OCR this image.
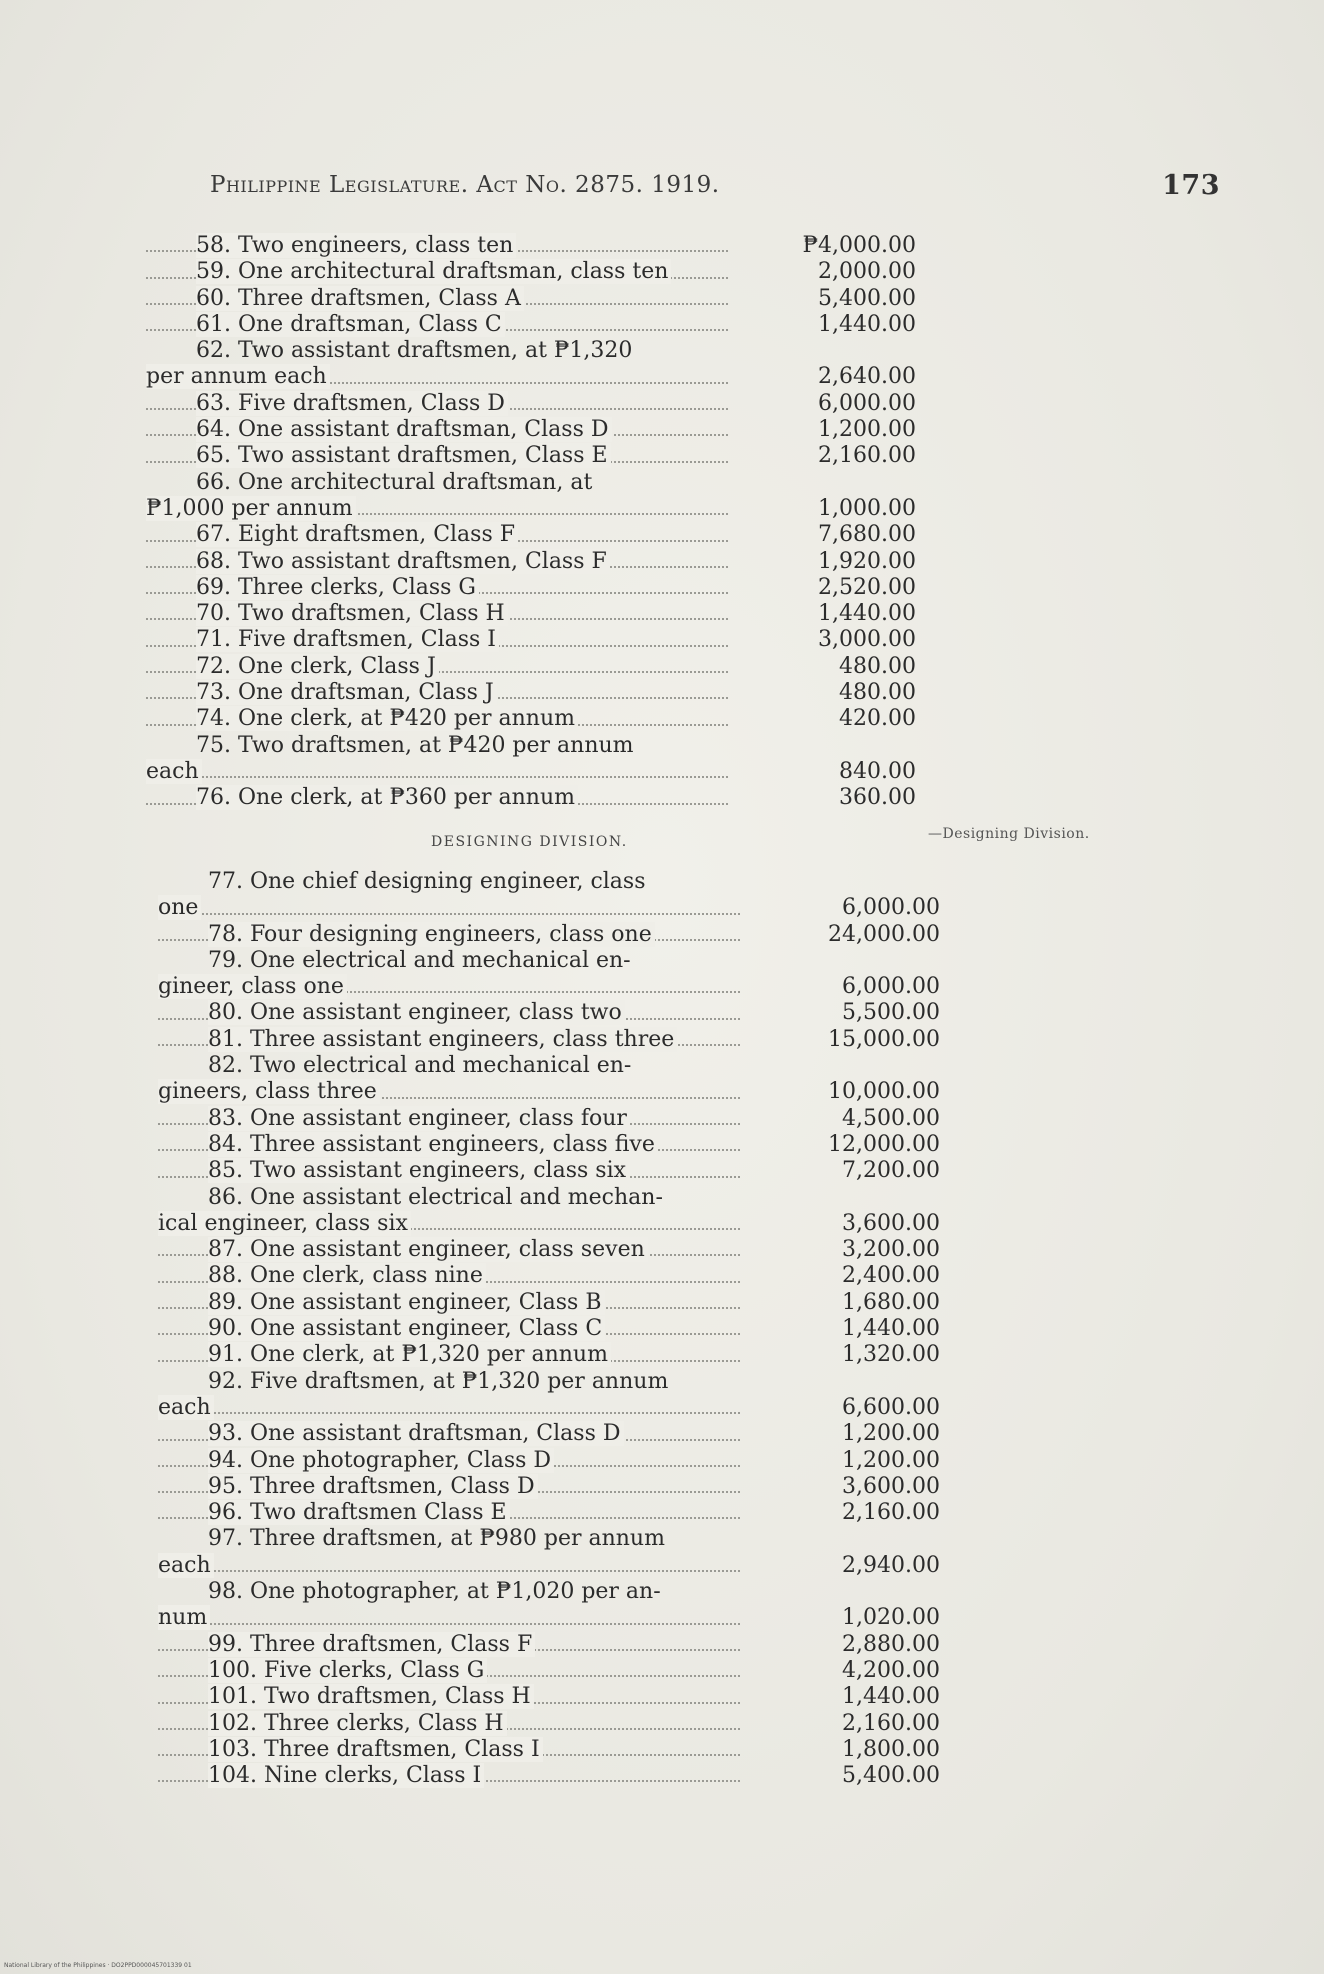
Philippine Legislature. Act No. 2875. 1919.	173
58. Two engineers, class ten	₱4,000.00
59. One architectural draftsman, class ten	2,000.00
60. Three draftsmen, Class A	5,400.00
61. One draftsman, Class C	1,440.00
62. Two assistant draftsmen, at ₱1,320
per annum each	2,640.00
63. Five draftsmen, Class D	6,000.00
64. One assistant draftsman, Class D	1,200.00
65. Two assistant draftsmen, Class E	2,160.00
66. One architectural draftsman, at
₱1,000 per annum	1,000.00
67. Eight draftsmen, Class F	7,680.00
68. Two assistant draftsmen, Class F	1,920.00
69. Three clerks, Class G	2,520.00
70. Two draftsmen, Class H	1,440.00
71. Five draftsmen, Class I	3,000.00
72. One clerk, Class J	480.00
73. One draftsman, Class J	480.00
74. One clerk, at ₱420 per annum	420.00
75. Two draftsmen, at ₱420 per annum
each	840.00
76. One clerk, at ₱360 per annum	360.00
DESIGNING DIVISION.	—Designing Division.
77. One chief designing engineer, class
one	6,000.00
78. Four designing engineers, class one	24,000.00
79. One electrical and mechanical en-
gineer, class one	6,000.00
80. One assistant engineer, class two	5,500.00
81. Three assistant engineers, class three	15,000.00
82. Two electrical and mechanical en-
gineers, class three	10,000.00
83. One assistant engineer, class four	4,500.00
84. Three assistant engineers, class five	12,000.00
85. Two assistant engineers, class six	7,200.00
86. One assistant electrical and mechan-
ical engineer, class six	3,600.00
87. One assistant engineer, class seven	3,200.00
88. One clerk, class nine	2,400.00
89. One assistant engineer, Class B	1,680.00
90. One assistant engineer, Class C	1,440.00
91. One clerk, at ₱1,320 per annum	1,320.00
92. Five draftsmen, at ₱1,320 per annum
each	6,600.00
93. One assistant draftsman, Class D	1,200.00
94. One photographer, Class D	1,200.00
95. Three draftsmen, Class D	3,600.00
96. Two draftsmen Class E	2,160.00
97. Three draftsmen, at ₱980 per annum
each	2,940.00
98. One photographer, at ₱1,020 per an-
num	1,020.00
99. Three draftsmen, Class F	2,880.00
100. Five clerks, Class G	4,200.00
101. Two draftsmen, Class H	1,440.00
102. Three clerks, Class H	2,160.00
103. Three draftsmen, Class I	1,800.00
104. Nine clerks, Class I	5,400.00
National Library of the Philippines · DO2PPD000045701339 01
